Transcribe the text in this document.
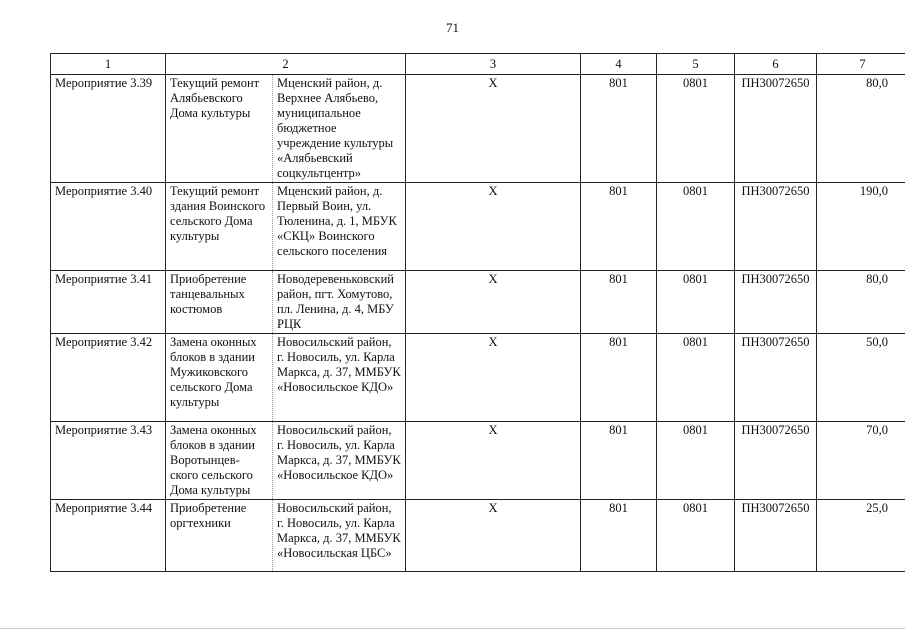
71
1	2		3	4	5	6	7
Мероприятие 3.39	Текущий ремонт Алябьевского Дома культуры	Мценский район, д. Верхнее Алябьево, муниципальное бюджетное учреждение культуры «Алябьевский соцкультцентр»	Х	801	0801	ПН30072650	80,0
Мероприятие 3.40	Текущий ремонт здания Воинского сельского Дома культуры	Мценский район, д. Первый Воин, ул. Тюленина, д. 1, МБУК «СКЦ» Воинского сельского поселения	Х	801	0801	ПН30072650	190,0
Мероприятие 3.41	Приобретение танцевальных костюмов	Новодеревеньковский район, пгт. Хомутово, пл. Ленина, д. 4, МБУ РЦК	Х	801	0801	ПН30072650	80,0
Мероприятие 3.42	Замена оконных блоков в здании Мужиковского сельского Дома культуры	Новосильский район, г. Новосиль, ул. Карла Маркса, д. 37, ММБУК «Новосильское КДО»	Х	801	0801	ПН30072650	50,0
Мероприятие 3.43	Замена оконных блоков в здании Воротынцев-ского сельского Дома культуры	Новосильский район, г. Новосиль, ул. Карла Маркса, д. 37, ММБУК «Новосильское КДО»	Х	801	0801	ПН30072650	70,0
Мероприятие 3.44	Приобретение оргтехники	Новосильский район, г. Новосиль, ул. Карла Маркса, д. 37, ММБУК «Новосильская ЦБС»	Х	801	0801	ПН30072650	25,0
